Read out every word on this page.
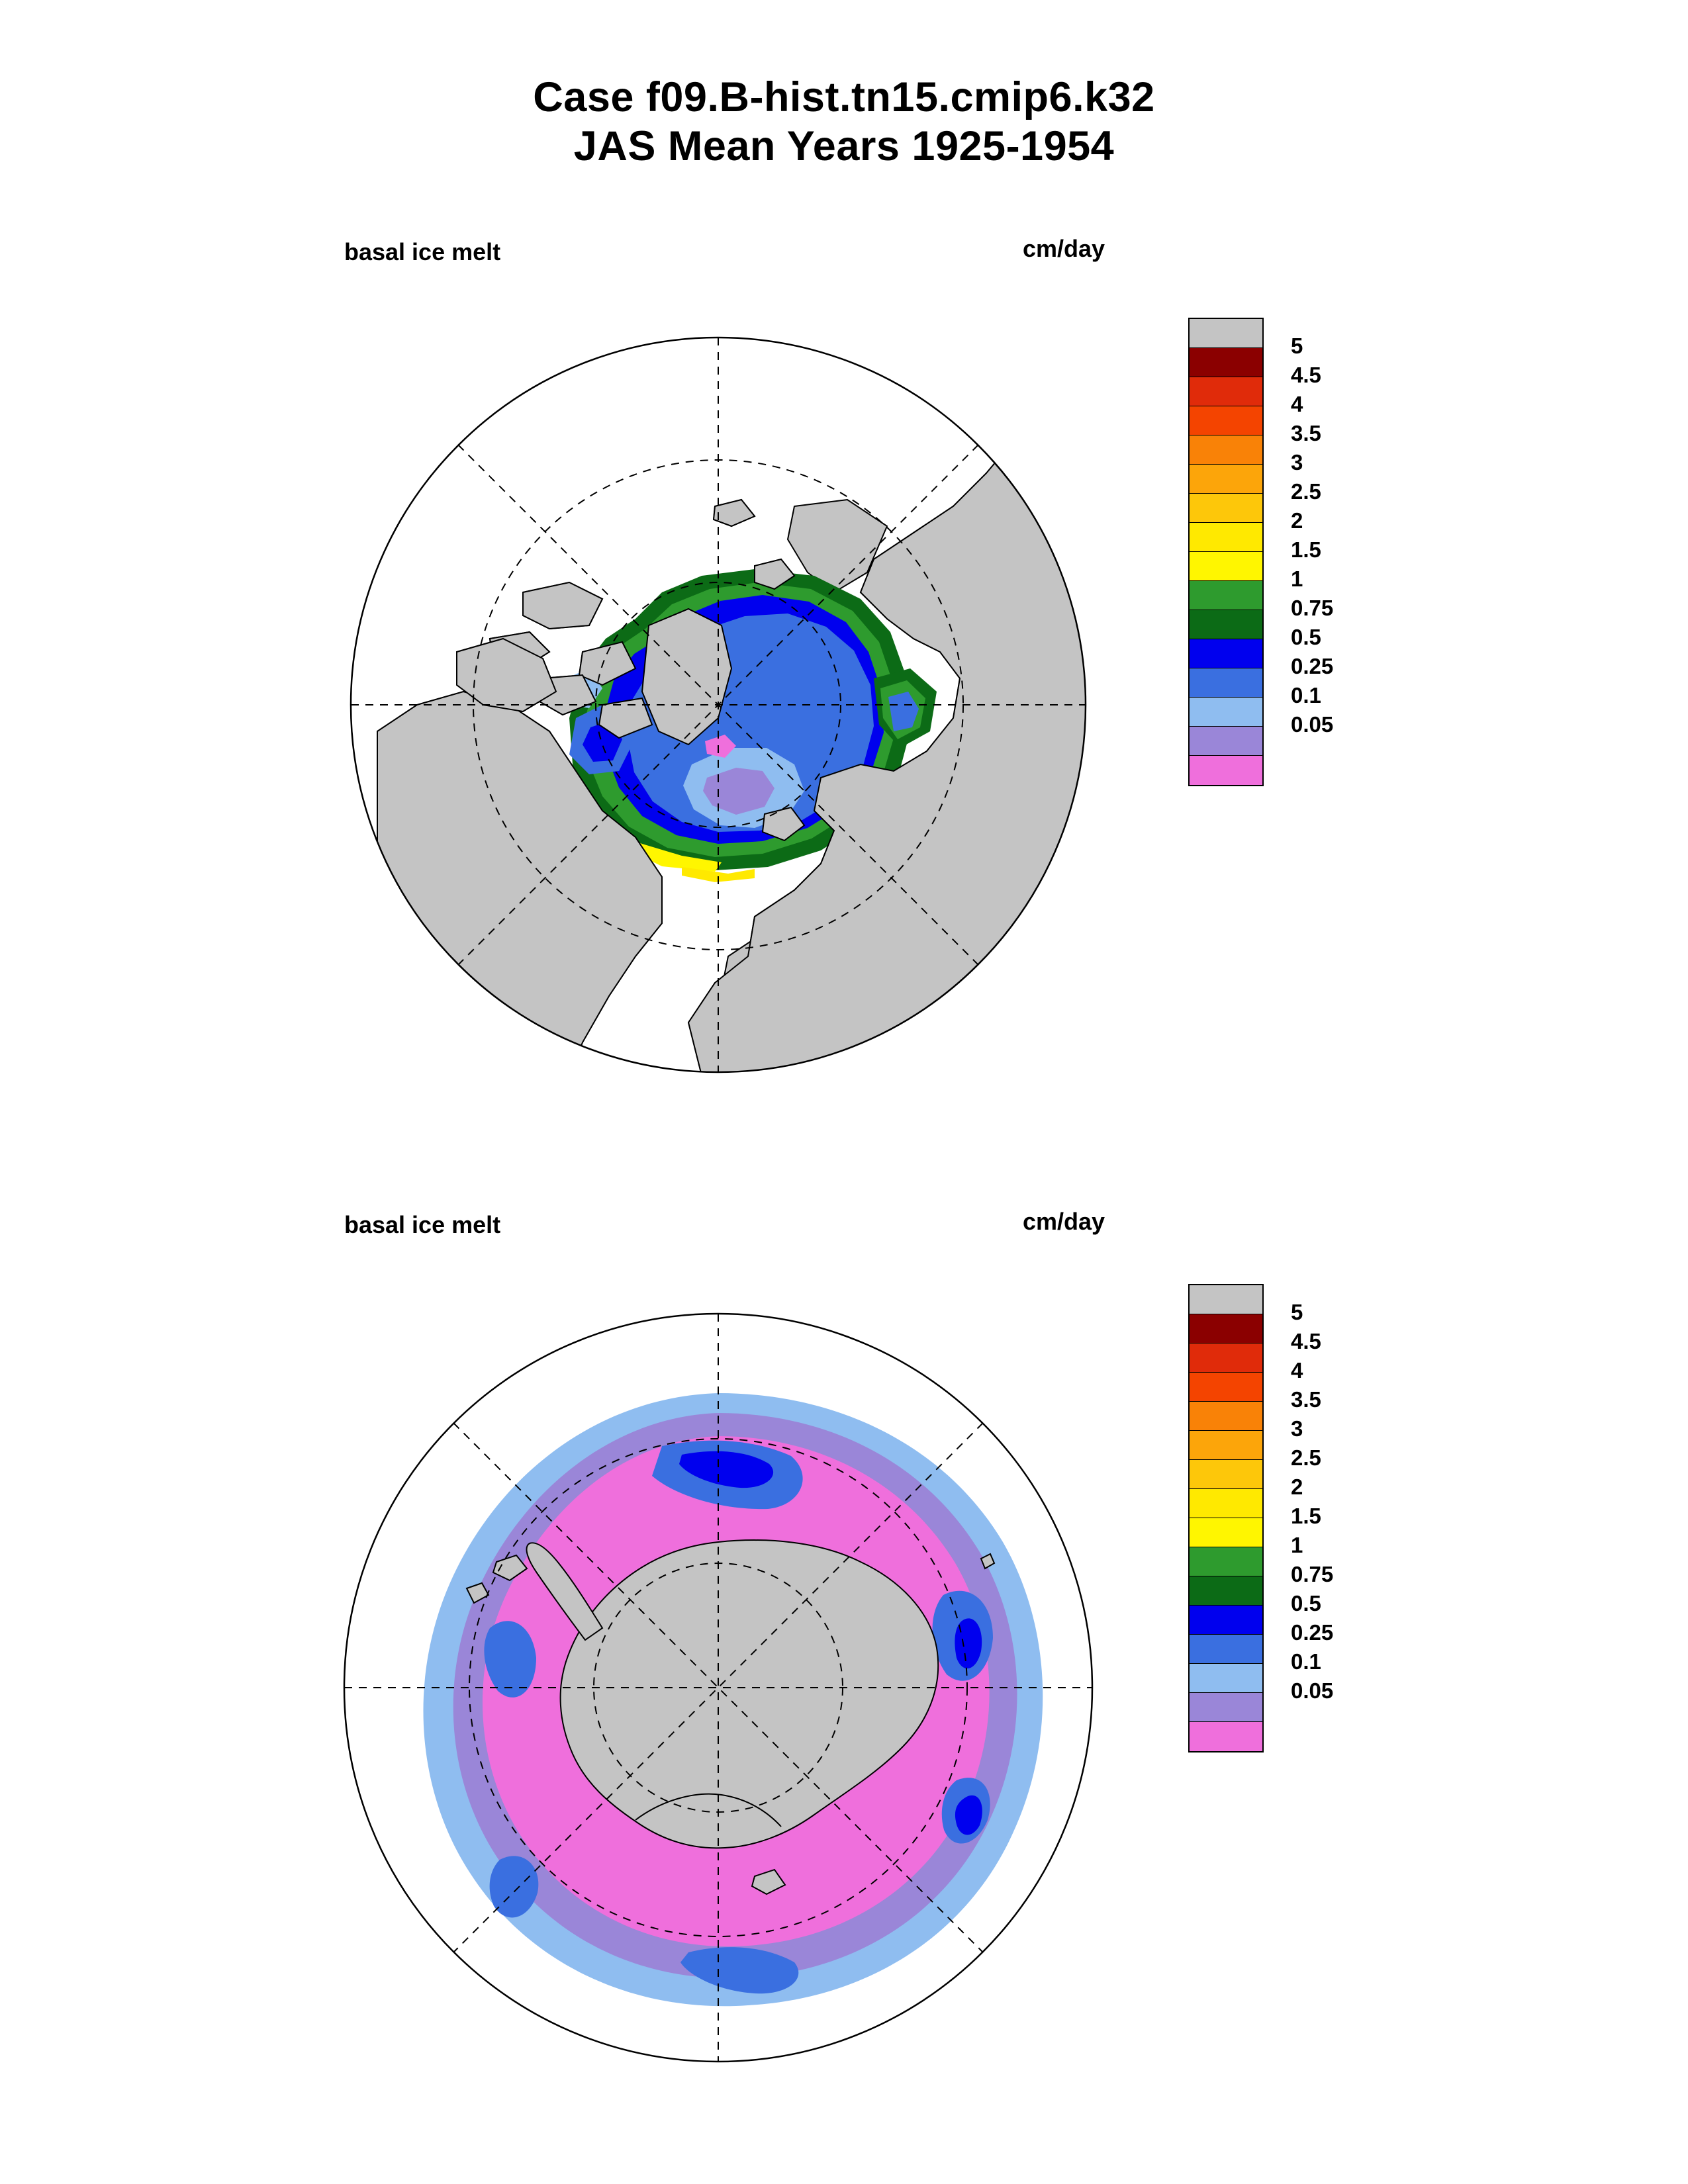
Case f09.B-hist.tn15.cmip6.k32
JAS Mean Years 1925-1954
basal ice melt	cm/day
5
4.5
4
3.5
3
2.5
2
1.5
1
0.75
0.5
0.25
0.1
0.05
basal ice melt	cm/day
5
4.5
4
3.5
3
2.5
2
1.5
1
0.75
0.5
0.25
0.1
0.05
